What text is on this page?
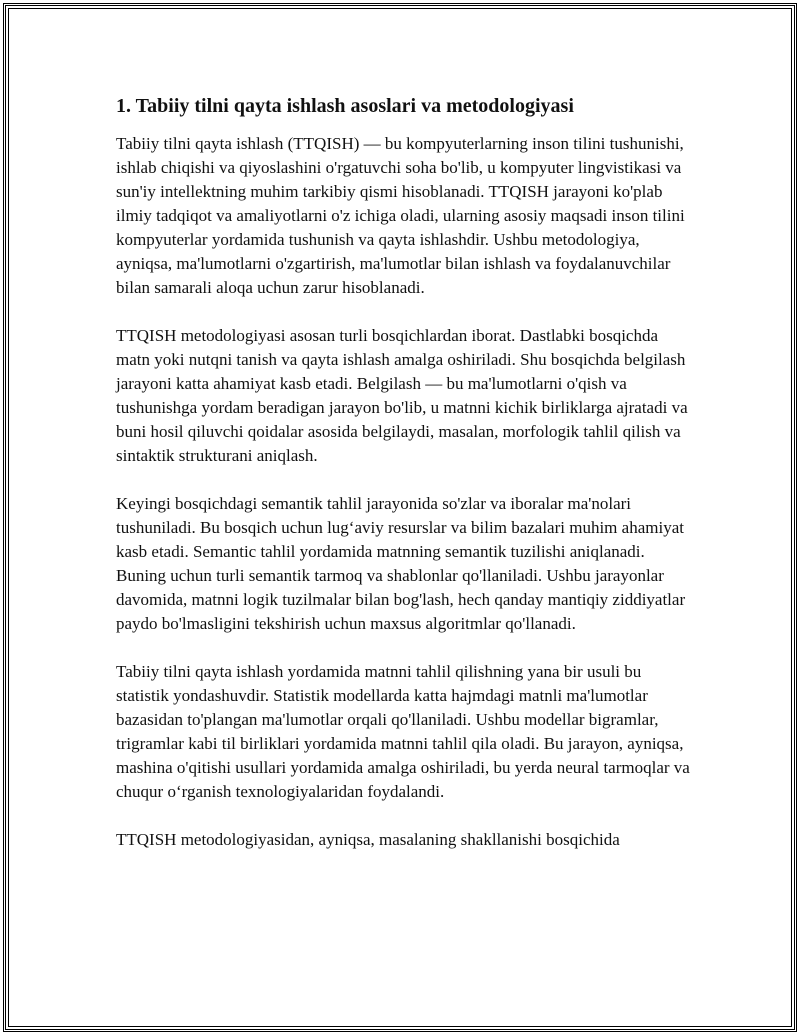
1. Tabiiy tilni qayta ishlash asoslari va metodologiyasi

Tabiiy tilni qayta ishlash (TTQISH) — bu kompyuterlarning inson tilini tushunishi, ishlab chiqishi va qiyoslashini o'rgatuvchi soha bo'lib, u kompyuter lingvistikasi va sun'iy intellektning muhim tarkibiy qismi hisoblanadi. TTQISH jarayoni ko'plab ilmiy tadqiqot va amaliyotlarni o'z ichiga oladi, ularning asosiy maqsadi inson tilini kompyuterlar yordamida tushunish va qayta ishlashdir. Ushbu metodologiya, ayniqsa, ma'lumotlarni o'zgartirish, ma'lumotlar bilan ishlash va foydalanuvchilar bilan samarali aloqa uchun zarur hisoblanadi.

TTQISH metodologiyasi asosan turli bosqichlardan iborat. Dastlabki bosqichda matn yoki nutqni tanish va qayta ishlash amalga oshiriladi. Shu bosqichda belgilash jarayoni katta ahamiyat kasb etadi. Belgilash — bu ma'lumotlarni o'qish va tushunishga yordam beradigan jarayon bo'lib, u matnni kichik birliklarga ajratadi va buni hosil qiluvchi qoidalar asosida belgilaydi, masalan, morfologik tahlil qilish va sintaktik strukturani aniqlash.

Keyingi bosqichdagi semantik tahlil jarayonida so'zlar va iboralar ma'nolari tushuniladi. Bu bosqich uchun lug‘aviy resurslar va bilim bazalari muhim ahamiyat kasb etadi. Semantic tahlil yordamida matnning semantik tuzilishi aniqlanadi. Buning uchun turli semantik tarmoq va shablonlar qo'llaniladi. Ushbu jarayonlar davomida, matnni logik tuzilmalar bilan bog'lash, hech qanday mantiqiy ziddiyatlar paydo bo'lmasligini tekshirish uchun maxsus algoritmlar qo'llanadi.

Tabiiy tilni qayta ishlash yordamida matnni tahlil qilishning yana bir usuli bu statistik yondashuvdir. Statistik modellarda katta hajmdagi matnli ma'lumotlar bazasidan to'plangan ma'lumotlar orqali qo'llaniladi. Ushbu modellar bigramlar, trigramlar kabi til birliklari yordamida matnni tahlil qila oladi. Bu jarayon, ayniqsa, mashina o'qitishi usullari yordamida amalga oshiriladi, bu yerda neural tarmoqlar va chuqur o‘rganish texnologiyalaridan foydalandi.

TTQISH metodologiyasidan, ayniqsa, masalaning shakllanishi bosqichida
